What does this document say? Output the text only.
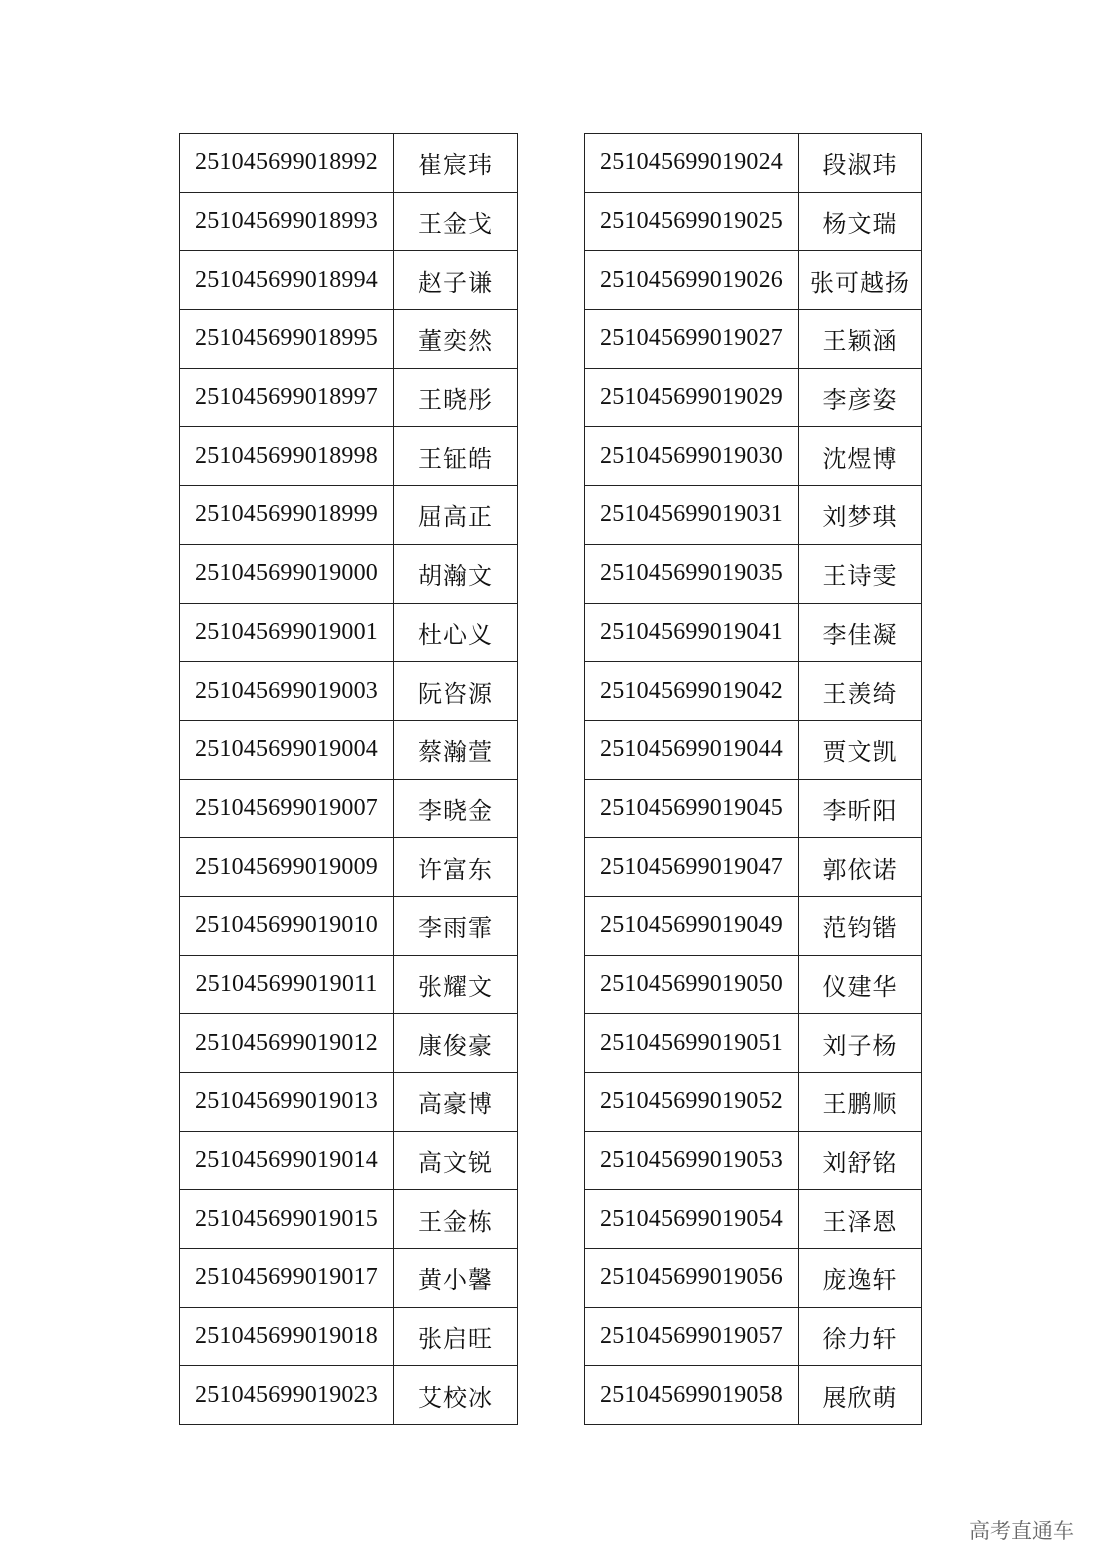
251045699018992	崔宸玮
251045699018993	王金戈
251045699018994	赵子谦
251045699018995	董奕然
251045699018997	王晓彤
251045699018998	王钲皓
251045699018999	屈高正
251045699019000	胡瀚文
251045699019001	杜心义
251045699019003	阮咨源
251045699019004	蔡瀚萱
251045699019007	李晓金
251045699019009	许富东
251045699019010	李雨霏
251045699019011	张耀文
251045699019012	康俊豪
251045699019013	高豪博
251045699019014	高文锐
251045699019015	王金栋
251045699019017	黄小馨
251045699019018	张启旺
251045699019023	艾校冰
251045699019024	段淑玮
251045699019025	杨文瑞
251045699019026	张可越扬
251045699019027	王颖涵
251045699019029	李彦姿
251045699019030	沈煜博
251045699019031	刘梦琪
251045699019035	王诗雯
251045699019041	李佳凝
251045699019042	王羡绮
251045699019044	贾文凯
251045699019045	李昕阳
251045699019047	郭依诺
251045699019049	范钧锴
251045699019050	仪建华
251045699019051	刘子杨
251045699019052	王鹏顺
251045699019053	刘舒铭
251045699019054	王泽恩
251045699019056	庞逸轩
251045699019057	徐力轩
251045699019058	展欣萌
高考直通车
